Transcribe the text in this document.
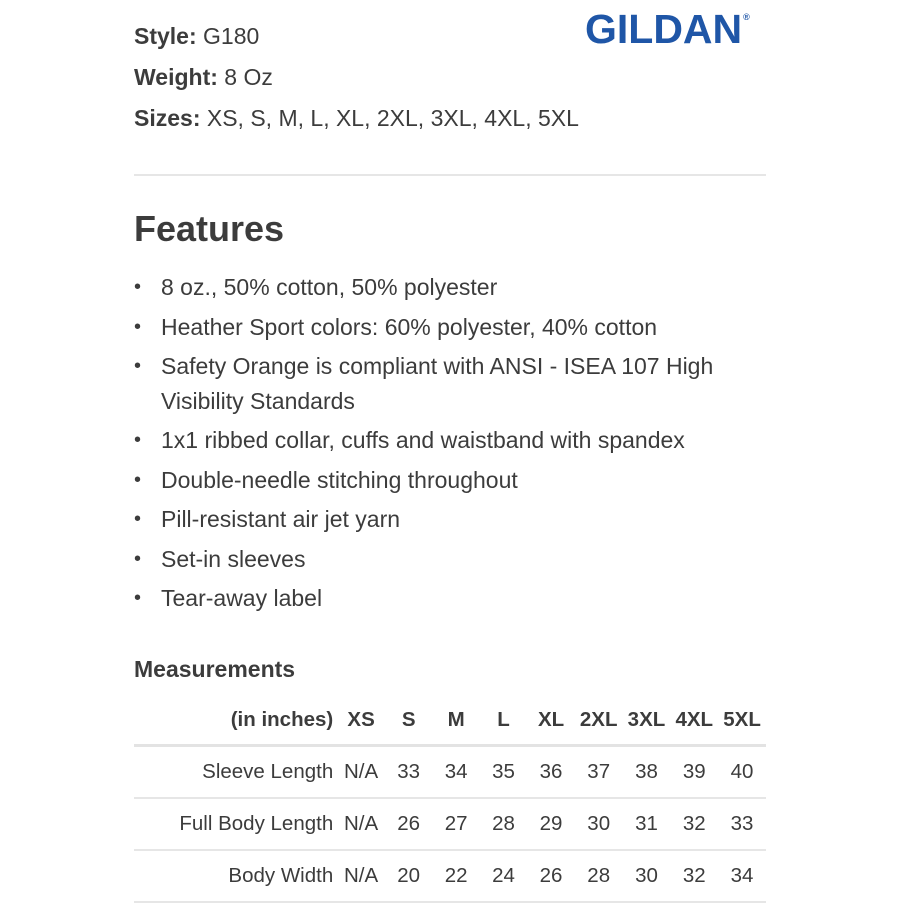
Style: G180
Weight: 8 Oz
Sizes: XS, S, M, L, XL, 2XL, 3XL, 4XL, 5XL
GILDAN®
Features
• 8 oz., 50% cotton, 50% polyester
• Heather Sport colors: 60% polyester, 40% cotton
• Safety Orange is compliant with ANSI - ISEA 107 High Visibility Standards
• 1x1 ribbed collar, cuffs and waistband with spandex
• Double-needle stitching throughout
• Pill-resistant air jet yarn
• Set-in sleeves
• Tear-away label
Measurements
(in inches)	XS	S	M	L	XL	2XL	3XL	4XL	5XL
Sleeve Length	N/A	33	34	35	36	37	38	39	40
Full Body Length	N/A	26	27	28	29	30	31	32	33
Body Width	N/A	20	22	24	26	28	30	32	34
